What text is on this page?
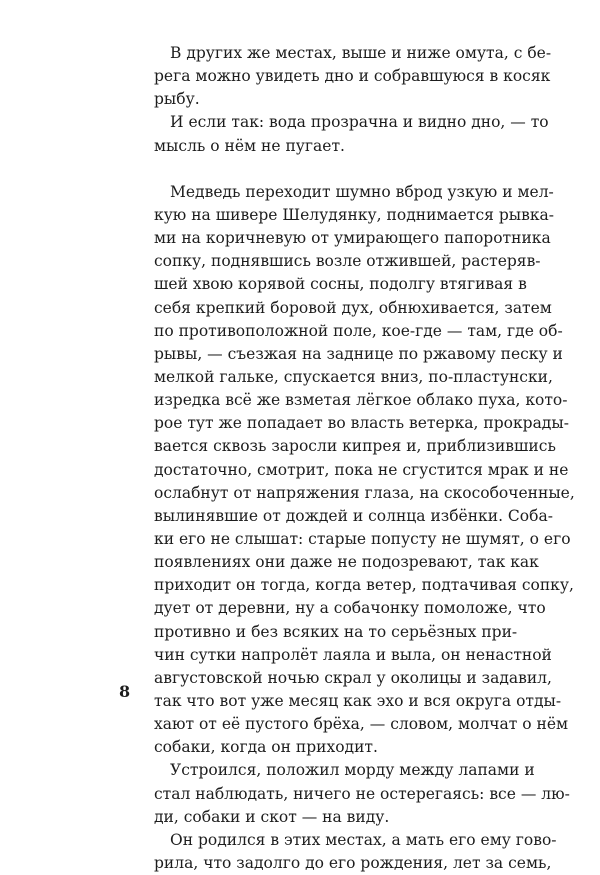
В других же местах, выше и ниже омута, с бе-
рега можно увидеть дно и собравшуюся в косяк
рыбу.
И если так: вода прозрачна и видно дно, — то
мысль о нём не пугает.
Медведь переходит шумно вброд узкую и мел-
кую на шивере Шелудянку, поднимается рывка-
ми на коричневую от умирающего папоротника
сопку, поднявшись возле отжившей, растеряв-
шей хвою корявой сосны, подолгу втягивая в
себя крепкий боровой дух, обнюхивается, затем
по противоположной поле, кое-где — там, где об-
рывы, — съезжая на заднице по ржавому песку и
мелкой гальке, спускается вниз, по-пластунски,
изредка всё же взметая лёгкое облако пуха, кото-
рое тут же попадает во власть ветерка, прокрады-
вается сквозь заросли кипрея и, приблизившись
достаточно, смотрит, пока не сгустится мрак и не
ослабнут от напряжения глаза, на скособоченные,
вылинявшие от дождей и солнца избёнки. Соба-
ки его не слышат: старые попусту не шумят, о его
появлениях они даже не подозревают, так как
приходит он тогда, когда ветер, подтачивая сопку,
дует от деревни, ну а собачонку помоложе, что
противно и без всяких на то серьёзных при-
чин сутки напролёт лаяла и выла, он ненастной
августовской ночью скрал у околицы и задавил,
так что вот уже месяц как эхо и вся округа отды-
хают от её пустого брёха, — словом, молчат о нём
собаки, когда он приходит.
Устроился, положил морду между лапами и
стал наблюдать, ничего не остерегаясь: все — лю-
ди, собаки и скот — на виду.
Он родился в этих местах, а мать его ему гово-
рила, что задолго до его рождения, лет за семь,
8
